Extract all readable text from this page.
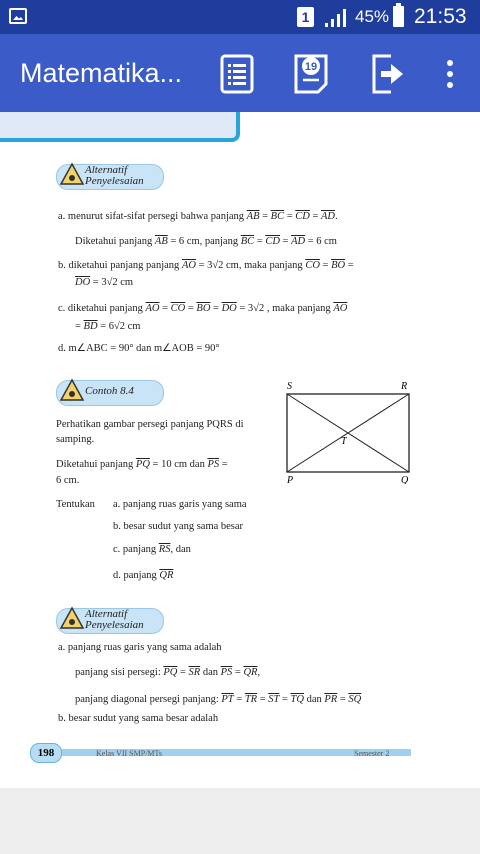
1	45% 21:53
Matematika...	19
Alternatif
Penyelesaian
a. menurut sifat-sifat persegi bahwa panjang $\overline{AB} = \overline{BC} = \overline{CD} = \overline{AD}$.
Diketahui panjang $\overline{AB} = 6$ cm, panjang $\overline{BC} = \overline{CD} = \overline{AD} = 6$ cm
b. diketahui panjang panjang $\overline{AO} = 3√2$ cm, maka panjang $\overline{CO} = \overline{BO}$ =
$\overline{DO} = 3√2$ cm
c. diketahui panjang $\overline{AO} = \overline{CO} = \overline{BO} = \overline{DO} = 3√2$ , maka panjang $\overline{AO}$
= $\overline{BD} = 6√2$ cm
d. m∠ABC = 90° dan m∠AOB = 90°
Contoh 8.4
Perhatikan gambar persegi panjang PQRS di
samping.
Diketahui panjang $\overline{PQ} = 10$ cm dan $\overline{PS}$ =
6 cm.
Tentukan a. panjang ruas garis yang sama
b. besar sudut yang sama besar
c. panjang $\overline{RS}$, dan
d. panjang $\overline{QR}$
S	R
T
P	Q
Alternatif
Penyelesaian
a. panjang ruas garis yang sama adalah
panjang sisi persegi: $\overline{PQ} = \overline{SR}$ dan $\overline{PS} = \overline{QR}$,
panjang diagonal persegi panjang: $\overline{PT} = \overline{TR} = \overline{ST} = \overline{TQ}$ dan $\overline{PR} = \overline{SQ}$
b. besar sudut yang sama besar adalah
198	Kelas VII SMP/MTs	Semester 2
